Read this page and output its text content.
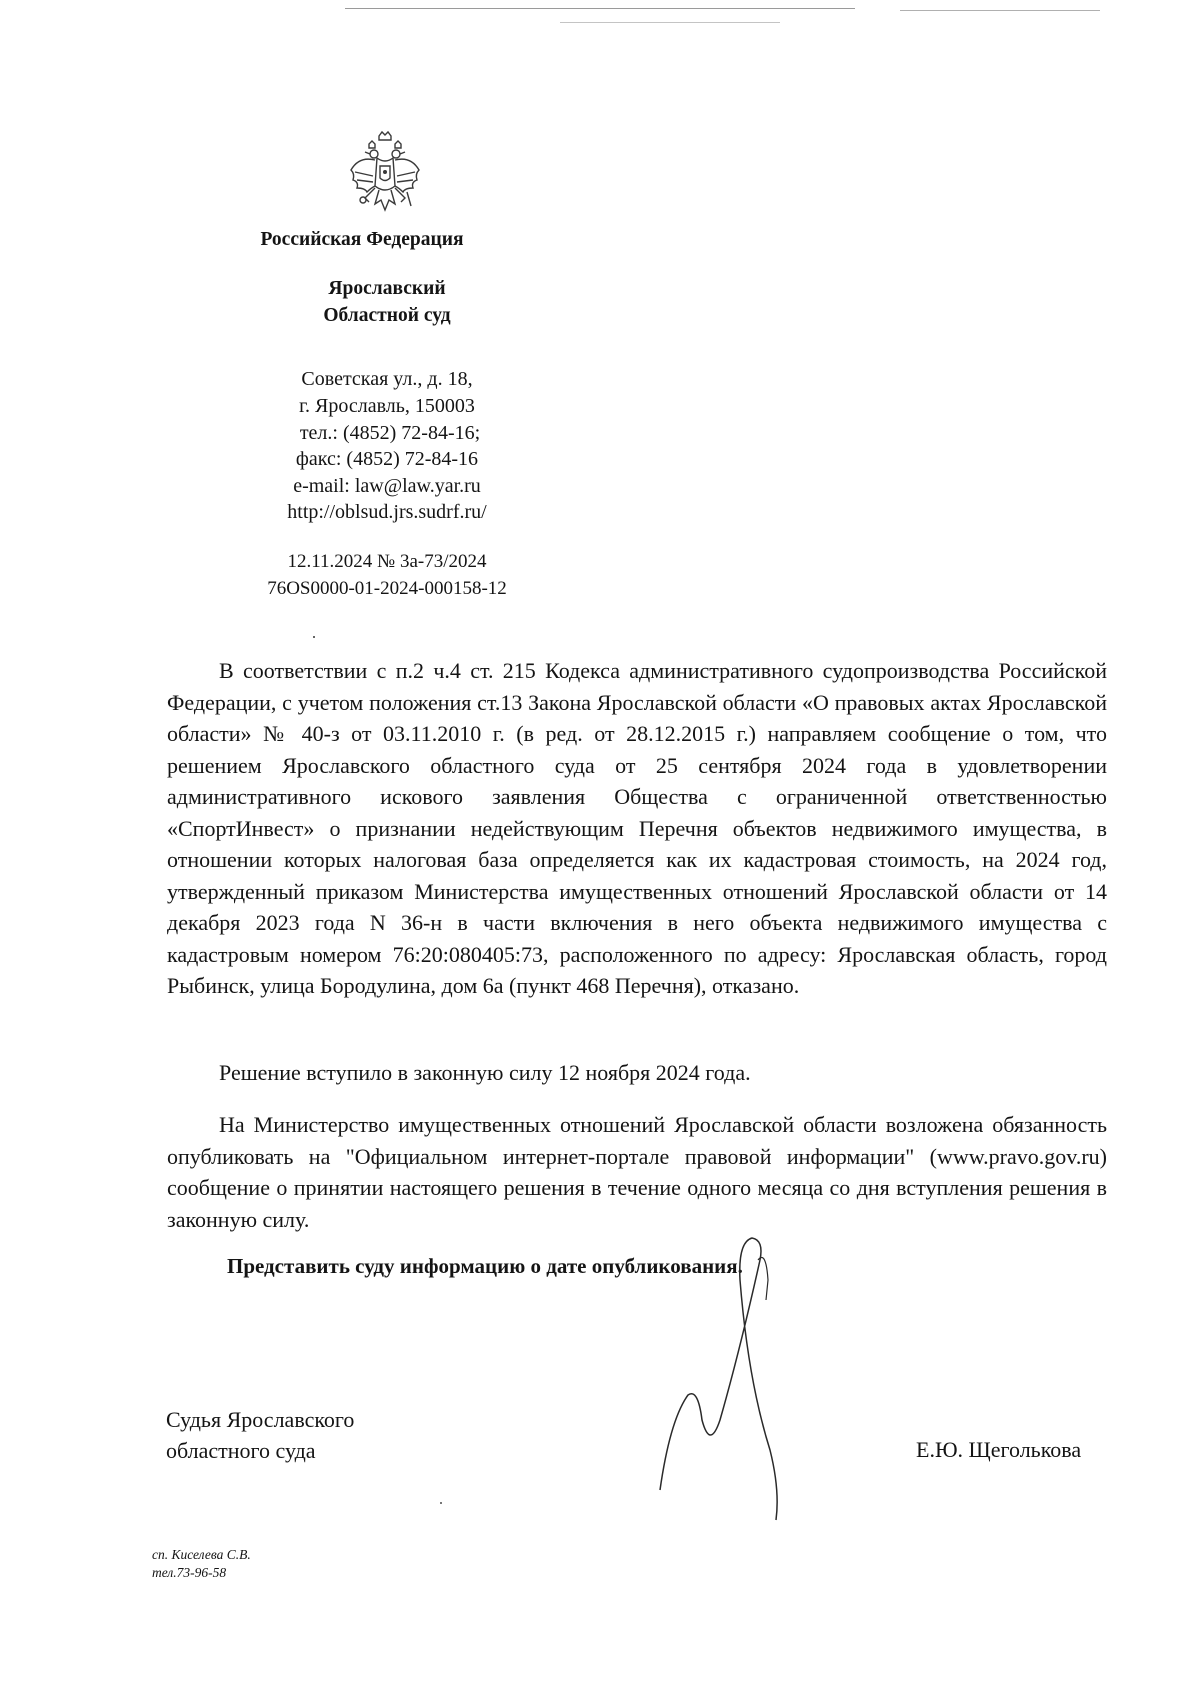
Российская Федерация
Ярославский
Областной суд
Советская ул., д. 18,
г. Ярославль, 150003
тел.: (4852) 72-84-16;
факс: (4852) 72-84-16
e-mail: law@law.yar.ru
http://oblsud.jrs.sudrf.ru/
12.11.2024 № 3а-73/2024
76OS0000-01-2024-000158-12

В соответствии с п.2 ч.4 ст. 215 Кодекса административного судопроизводства Российской Федерации, с учетом положения ст.13 Закона Ярославской области «О правовых актах Ярославской области» № 40-з от 03.11.2010 г. (в ред. от 28.12.2015 г.) направляем сообщение о том, что решением Ярославского областного суда от 25 сентября 2024 года в удовлетворении административного искового заявления Общества с ограниченной ответственностью «СпортИнвест» о признании недействующим Перечня объектов недвижимого имущества, в отношении которых налоговая база определяется как их кадастровая стоимость, на 2024 год, утвержденный приказом Министерства имущественных отношений Ярославской области от 14 декабря 2023 года N 36-н в части включения в него объекта недвижимого имущества с кадастровым номером 76:20:080405:73, расположенного по адресу: Ярославская область, город Рыбинск, улица Бородулина, дом 6а (пункт 468 Перечня), отказано.

Решение вступило в законную силу 12 ноября 2024 года.

На Министерство имущественных отношений Ярославской области возложена обязанность опубликовать на "Официальном интернет-портале правовой информации" (www.pravo.gov.ru) сообщение о принятии настоящего решения в течение одного месяца со дня вступления решения в законную силу.

Представить суду информацию о дате опубликования.
Судья Ярославского
областного суда	Е.Ю. Щеголькова
сп. Киселева С.В.
тел.73-96-58
